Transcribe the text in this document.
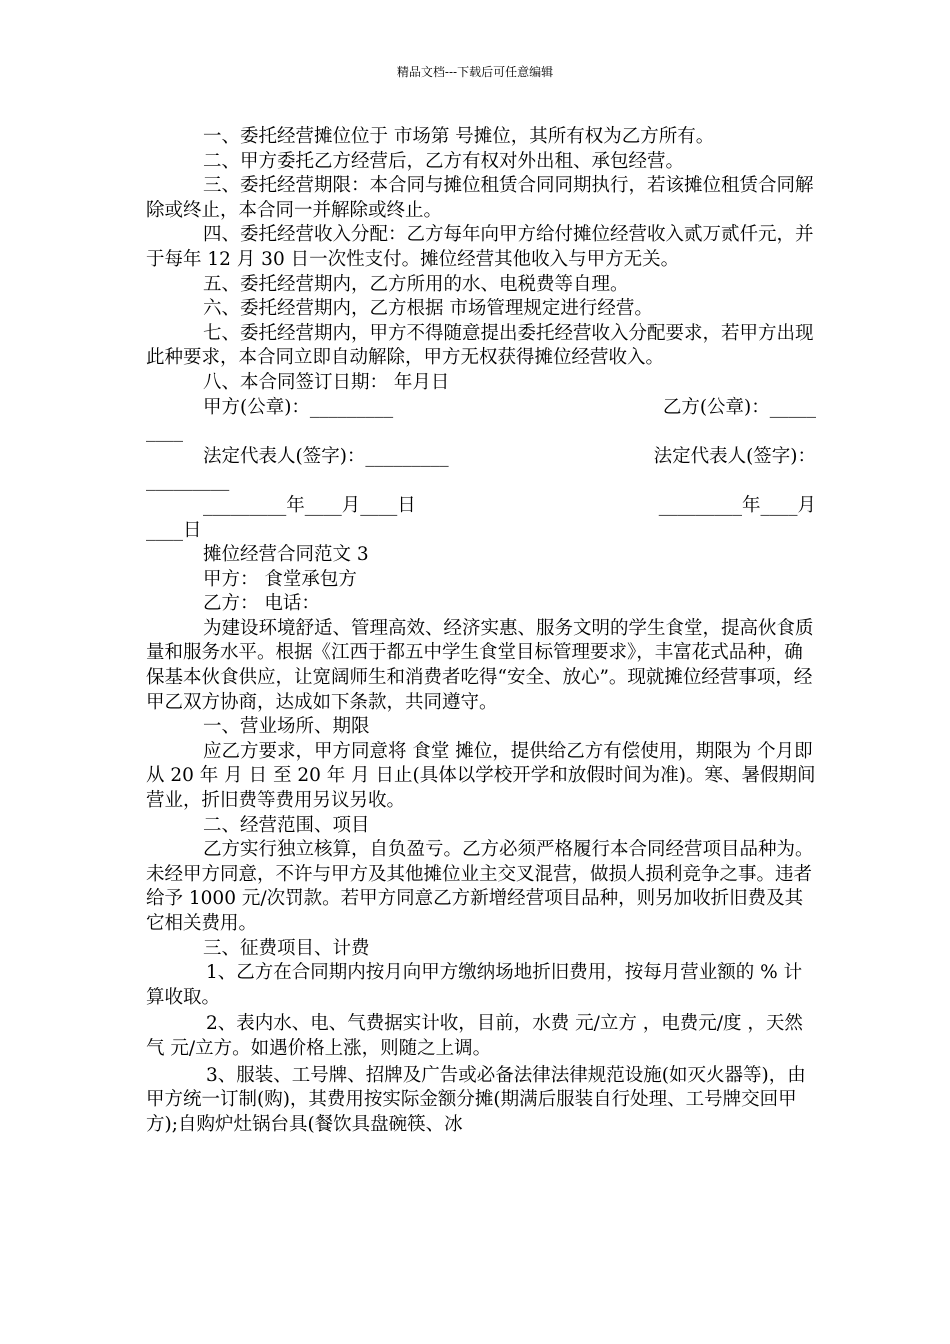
精品文档---下载后可任意编辑

一、委托经营摊位位于 市场第 号摊位，其所有权为乙方所有。

二、甲方委托乙方经营后，乙方有权对外出租、承包经营。

三、委托经营期限：本合同与摊位租赁合同同期执行，若该摊位租赁合同解除或终止，本合同一并解除或终止。

四、委托经营收入分配：乙方每年向甲方给付摊位经营收入贰万贰仟元，并于每年 12 月 30 日一次性支付。摊位经营其他收入与甲方无关。

五、委托经营期内，乙方所用的水、电税费等自理。

六、委托经营期内，乙方根据 市场管理规定进行经营。

七、委托经营期内，甲方不得随意提出委托经营收入分配要求，若甲方出现此种要求，本合同立即自动解除，甲方无权获得摊位经营收入。

八、本合同签订日期： 年月日

甲方(公章)：_________	乙方(公章)：_____

____

法定代表人(签字)：_________	法定代表人(签字)：

_________

_________年____月____日	_________年____月

____日

摊位经营合同范文 3

甲方： 食堂承包方

乙方： 电话：

为建设环境舒适、管理高效、经济实惠、服务文明的学生食堂，提高伙食质量和服务水平。根据《江西于都五中学生食堂目标管理要求》，丰富花式品种，确保基本伙食供应，让宽阔师生和消费者吃得“安全、放心”。现就摊位经营事项，经甲乙双方协商，达成如下条款，共同遵守。

一、营业场所、期限

应乙方要求，甲方同意将 食堂 摊位，提供给乙方有偿使用，期限为 个月即从 20 年 月 日 至 20 年 月 日止(具体以学校开学和放假时间为准)。寒、暑假期间营业，折旧费等费用另议另收。

二、经营范围、项目

乙方实行独立核算，自负盈亏。乙方必须严格履行本合同经营项目品种为。未经甲方同意，不许与甲方及其他摊位业主交叉混营，做损人损利竞争之事。违者给予 1000 元/次罚款。若甲方同意乙方新增经营项目品种，则另加收折旧费及其它相关费用。

三、征费项目、计费

1、乙方在合同期内按月向甲方缴纳场地折旧费用，按每月营业额的 % 计算收取。

2、表内水、电、气费据实计收，目前，水费 元/立方 ，电费元/度 ，天然气 元/立方。如遇价格上涨，则随之上调。

3、服装、工号牌、招牌及广告或必备法律法律规范设施(如灭火器等)，由甲方统一订制(购)，其费用按实际金额分摊(期满后服装自行处理、工号牌交回甲方);自购炉灶锅台具(餐饮具盘碗筷、冰
